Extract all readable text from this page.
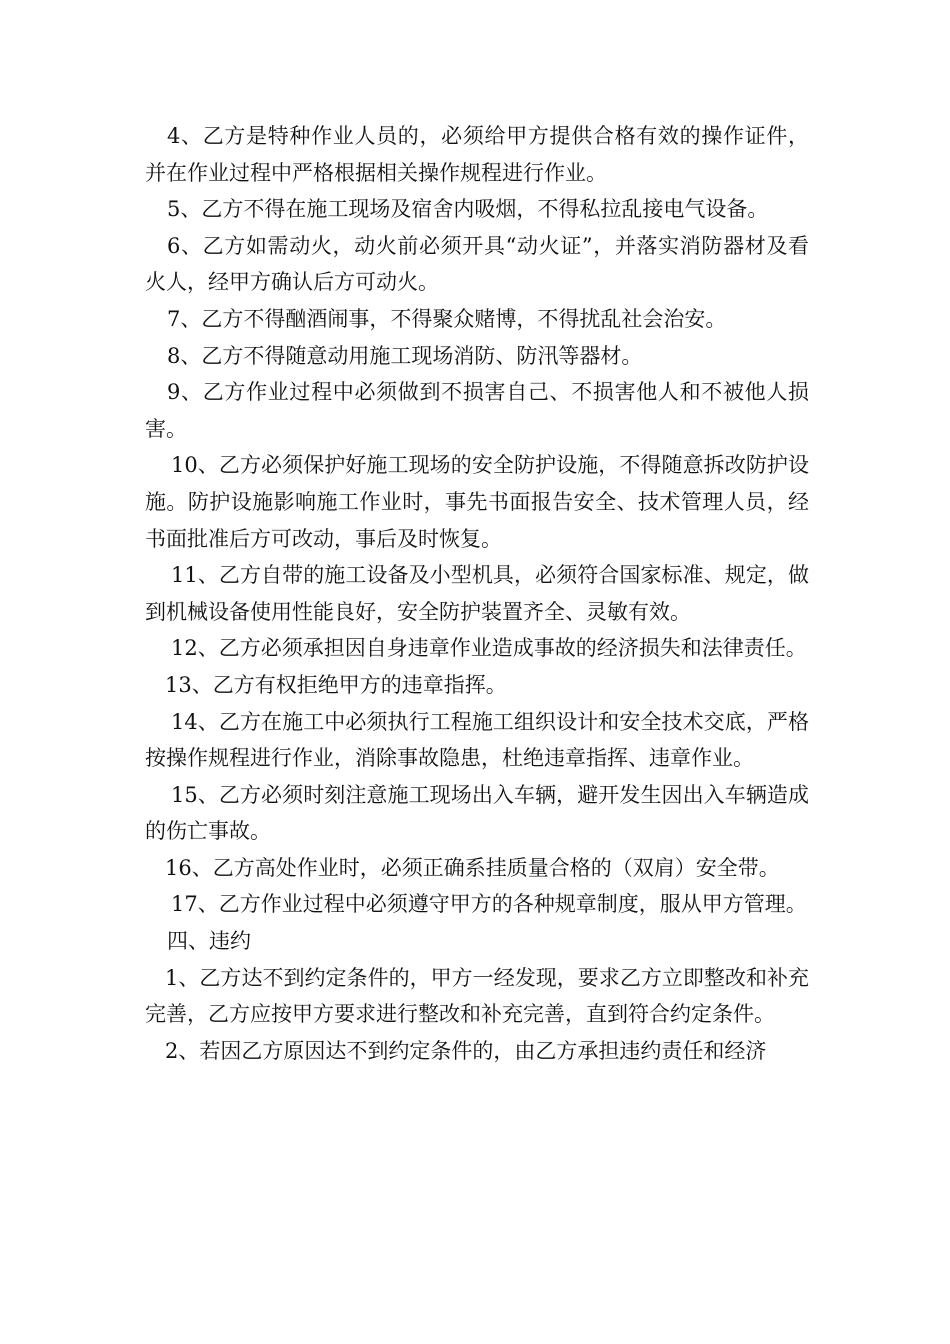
4、乙方是特种作业人员的，必须给甲方提供合格有效的操作证件，并在作业过程中严格根据相关操作规程进行作业。

5、乙方不得在施工现场及宿舍内吸烟，不得私拉乱接电气设备。

6、乙方如需动火，动火前必须开具“动火证”，并落实消防器材及看火人，经甲方确认后方可动火。

7、乙方不得酗酒闹事，不得聚众赌博，不得扰乱社会治安。

8、乙方不得随意动用施工现场消防、防汛等器材。

9、乙方作业过程中必须做到不损害自己、不损害他人和不被他人损害。

10、乙方必须保护好施工现场的安全防护设施，不得随意拆改防护设施。防护设施影响施工作业时，事先书面报告安全、技术管理人员，经书面批准后方可改动，事后及时恢复。

11、乙方自带的施工设备及小型机具，必须符合国家标准、规定，做到机械设备使用性能良好，安全防护装置齐全、灵敏有效。

12、乙方必须承担因自身违章作业造成事故的经济损失和法律责任。

13、乙方有权拒绝甲方的违章指挥。

14、乙方在施工中必须执行工程施工组织设计和安全技术交底，严格按操作规程进行作业，消除事故隐患，杜绝违章指挥、违章作业。

15、乙方必须时刻注意施工现场出入车辆，避开发生因出入车辆造成的伤亡事故。

16、乙方高处作业时，必须正确系挂质量合格的（双肩）安全带。

17、乙方作业过程中必须遵守甲方的各种规章制度，服从甲方管理。

四、违约

1、乙方达不到约定条件的，甲方一经发现，要求乙方立即整改和补充完善，乙方应按甲方要求进行整改和补充完善，直到符合约定条件。

2、若因乙方原因达不到约定条件的，由乙方承担违约责任和经济
